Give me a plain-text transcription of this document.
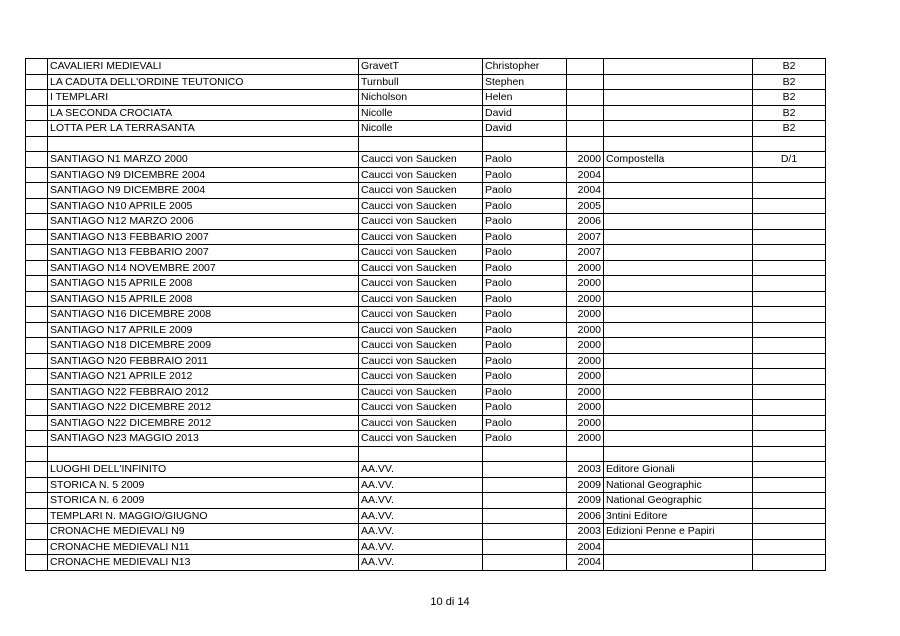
	CAVALIERI MEDIEVALI	GravetT	Christopher			B2
	LA CADUTA DELL'ORDINE TEUTONICO	Turnbull	Stephen			B2
	I TEMPLARI	Nicholson	Helen			B2
	LA SECONDA CROCIATA	Nicolle	David			B2
	LOTTA PER LA TERRASANTA	Nicolle	David			B2

	SANTIAGO N1 MARZO 2000	Caucci von Saucken	Paolo	2000	Compostella	D/1
	SANTIAGO N9 DICEMBRE 2004	Caucci von Saucken	Paolo	2004		
	SANTIAGO N9 DICEMBRE 2004	Caucci von Saucken	Paolo	2004		
	SANTIAGO N10 APRILE 2005	Caucci von Saucken	Paolo	2005		
	SANTIAGO N12 MARZO 2006	Caucci von Saucken	Paolo	2006		
	SANTIAGO N13 FEBBARIO 2007	Caucci von Saucken	Paolo	2007		
	SANTIAGO N13 FEBBARIO 2007	Caucci von Saucken	Paolo	2007		
	SANTIAGO N14 NOVEMBRE 2007	Caucci von Saucken	Paolo	2000		
	SANTIAGO N15 APRILE 2008	Caucci von Saucken	Paolo	2000		
	SANTIAGO N15 APRILE 2008	Caucci von Saucken	Paolo	2000		
	SANTIAGO N16 DICEMBRE 2008	Caucci von Saucken	Paolo	2000		
	SANTIAGO N17 APRILE 2009	Caucci von Saucken	Paolo	2000		
	SANTIAGO N18 DICEMBRE 2009	Caucci von Saucken	Paolo	2000		
	SANTIAGO N20 FEBBRAIO 2011	Caucci von Saucken	Paolo	2000		
	SANTIAGO N21 APRILE 2012	Caucci von Saucken	Paolo	2000		
	SANTIAGO N22 FEBBRAIO 2012	Caucci von Saucken	Paolo	2000		
	SANTIAGO N22 DICEMBRE 2012	Caucci von Saucken	Paolo	2000		
	SANTIAGO N22 DICEMBRE 2012	Caucci von Saucken	Paolo	2000		
	SANTIAGO N23 MAGGIO 2013	Caucci von Saucken	Paolo	2000		

	LUOGHI DELL'INFINITO	AA.VV.		2003	Editore Gionali	
	STORICA N. 5 2009	AA.VV.		2009	National Geographic	
	STORICA N. 6 2009	AA.VV.		2009	National Geographic	
	TEMPLARI N. MAGGIO/GIUGNO	AA.VV.		2006	3ntini Editore	
	CRONACHE MEDIEVALI N9	AA.VV.		2003	Edizioni Penne e Papiri	
	CRONACHE MEDIEVALI N11	AA.VV.		2004		
	CRONACHE MEDIEVALI N13	AA.VV.		2004		
10 di 14
